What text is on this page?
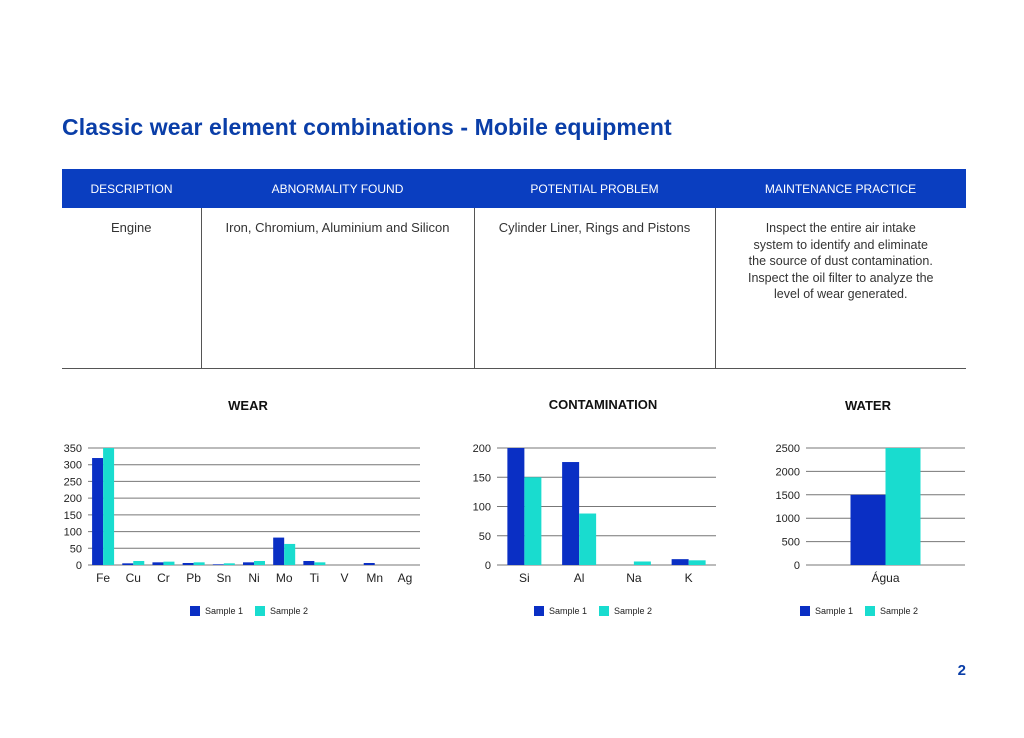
Classic wear element combinations - Mobile equipment
DESCRIPTION	ABNORMALITY FOUND	POTENTIAL PROBLEM	MAINTENANCE PRACTICE
Engine	Iron, Chromium, Aluminium and Silicon	Cylinder Liner, Rings and Pistons	Inspect the entire air intake
system to identify and eliminate
the source of dust contamination.
Inspect the oil filter to analyze the
level of wear generated.
WEAR	CONTAMINATION	WATER
0
50
100
150
200
250
300
350
Fe Cu Cr Pb Sn Ni Mo Ti V Mn Ag
0
50
100
150
200
Si	Al	Na	K
0
500
1000
1500
2000
2500
Água
Sample 1	Sample 2	Sample 1	Sample 2	Sample 1	Sample 2
2
